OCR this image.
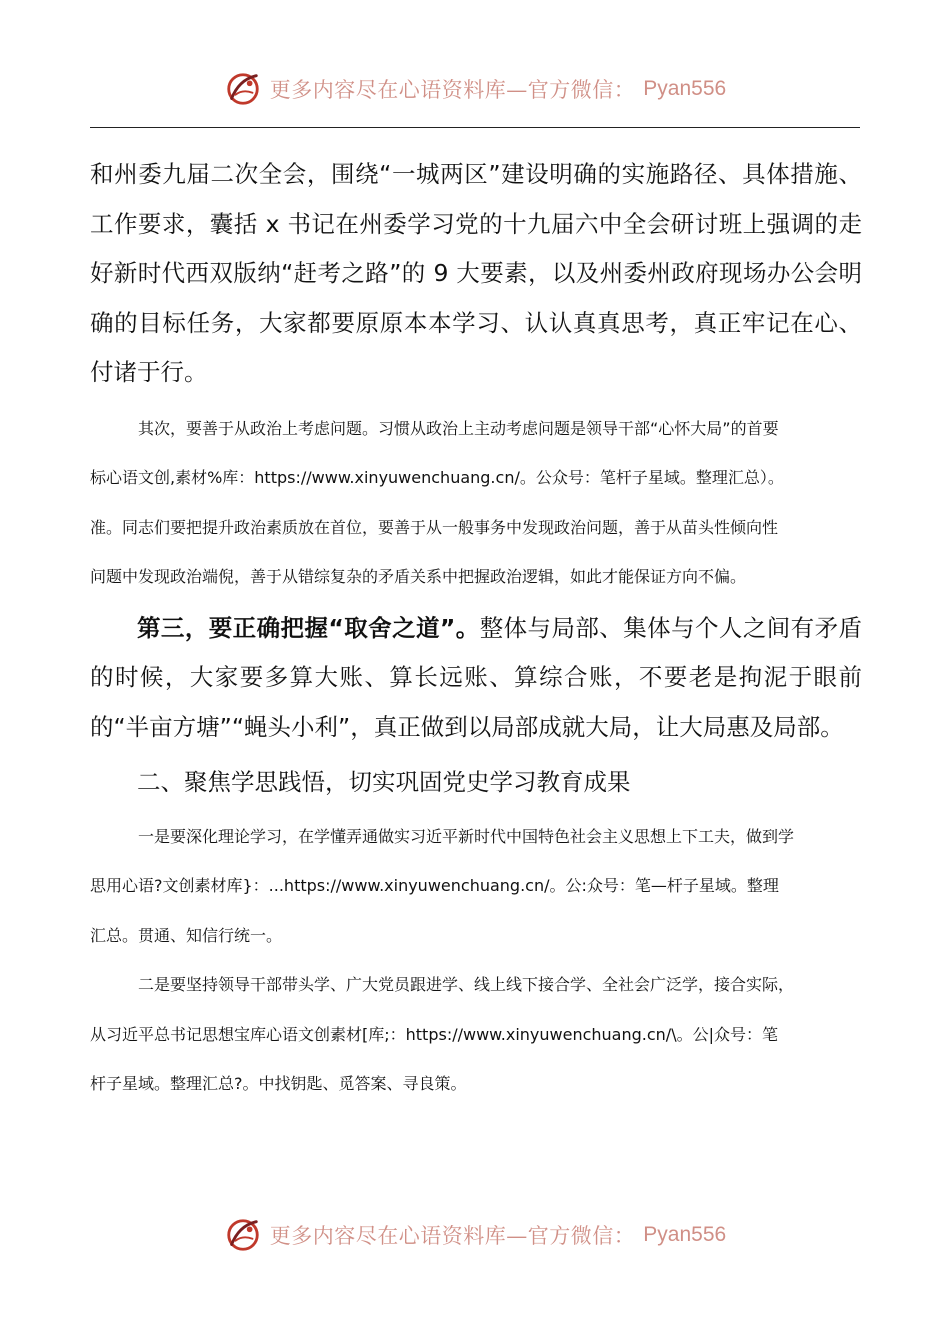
更多内容尽在心语资料库—官方微信： Pyan556

和州委九届二次全会，围绕“一城两区”建设明确的实施路径、具体措施、工作要求，囊括 x 书记在州委学习党的十九届六中全会研讨班上强调的走好新时代西双版纳“赶考之路”的 9 大要素，以及州委州政府现场办公会明确的目标任务，大家都要原原本本学习、认认真真思考，真正牢记在心、付诸于行。

其次，要善于从政治上考虑问题。习惯从政治上主动考虑问题是领导干部“心怀大局”的首要
标心语文创,素材%库：https://www.xinyuwenchuang.cn/。公众号：笔杆子星域。整理汇总）。
准。同志们要把提升政治素质放在首位，要善于从一般事务中发现政治问题，善于从苗头性倾向性
问题中发现政治端倪，善于从错综复杂的矛盾关系中把握政治逻辑，如此才能保证方向不偏。

第三，要正确把握“取舍之道”。整体与局部、集体与个人之间有矛盾的时候，大家要多算大账、算长远账、算综合账，不要老是拘泥于眼前的“半亩方塘”“蝇头小利”，真正做到以局部成就大局，让大局惠及局部。

二、聚焦学思践悟，切实巩固党史学习教育成果
一是要深化理论学习，在学懂弄通做实习近平新时代中国特色社会主义思想上下工夫，做到学
思用心语?文创素材库}：...https://www.xinyuwenchuang.cn/。公:众号：笔—杆子星域。整理
汇总。贯通、知信行统一。
二是要坚持领导干部带头学、广大党员跟进学、线上线下接合学、全社会广泛学，接合实际，
从习近平总书记思想宝库心语文创素材[库;：https://www.xinyuwenchuang.cn/\。公|众号：笔
杆子星域。整理汇总?。中找钥匙、觅答案、寻良策。
更多内容尽在心语资料库—官方微信： Pyan556
